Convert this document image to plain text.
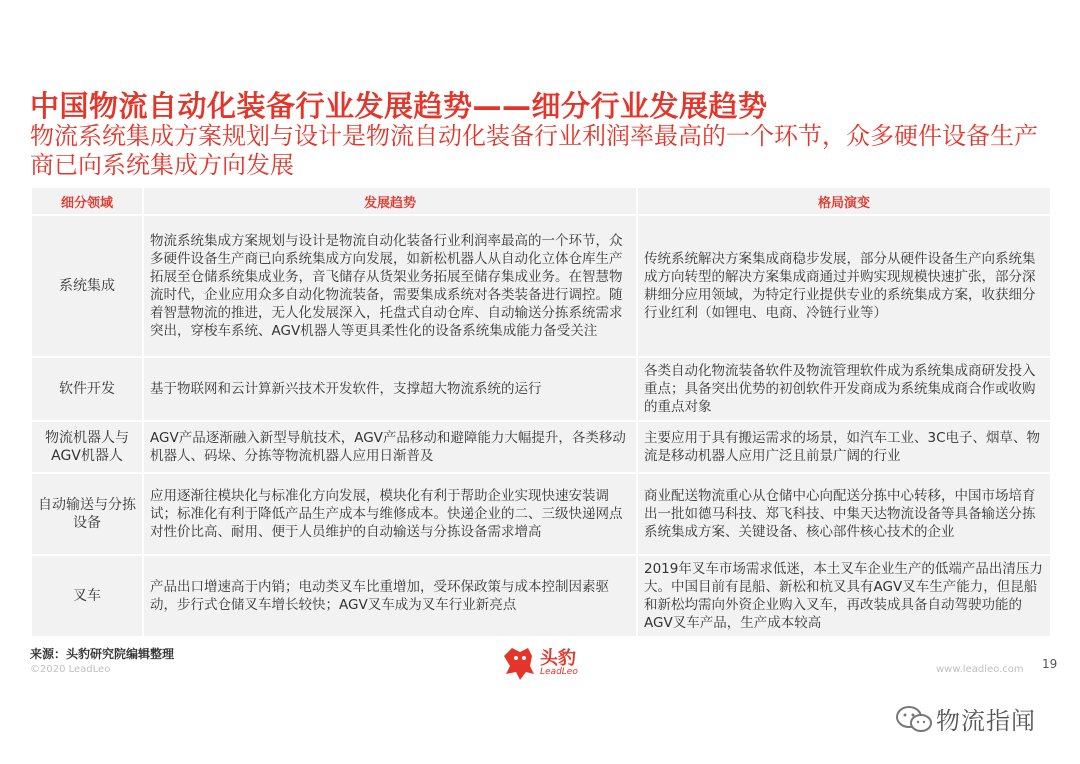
中国物流自动化装备行业发展趋势——细分行业发展趋势
物流系统集成方案规划与设计是物流自动化装备行业利润率最高的一个环节，众多硬件设备生产商已向系统集成方向发展
细分领域	发展趋势	格局演变
系统集成	物流系统集成方案规划与设计是物流自动化装备行业利润率最高的一个环节，众多硬件设备生产商已向系统集成方向发展，如新松机器人从自动化立体仓库生产拓展至仓储系统集成业务，音飞储存从货架业务拓展至储存集成业务。在智慧物流时代，企业应用众多自动化物流装备，需要集成系统对各类装备进行调控。随着智慧物流的推进，无人化发展深入，托盘式自动仓库、自动输送分拣系统需求突出，穿梭车系统、AGV机器人等更具柔性化的设备系统集成能力备受关注	传统系统解决方案集成商稳步发展，部分从硬件设备生产向系统集成方向转型的解决方案集成商通过并购实现规模快速扩张，部分深耕细分应用领域，为特定行业提供专业的系统集成方案，收获细分行业红利（如锂电、电商、冷链行业等）
软件开发	基于物联网和云计算新兴技术开发软件，支撑超大物流系统的运行	各类自动化物流装备软件及物流管理软件成为系统集成商研发投入重点；具备突出优势的初创软件开发商成为系统集成商合作或收购的重点对象
物流机器人与AGV机器人	AGV产品逐渐融入新型导航技术，AGV产品移动和避障能力大幅提升，各类移动机器人、码垛、分拣等物流机器人应用日渐普及	主要应用于具有搬运需求的场景，如汽车工业、3C电子、烟草、物流是移动机器人应用广泛且前景广阔的行业
自动输送与分拣设备	应用逐渐往模块化与标准化方向发展，模块化有利于帮助企业实现快速安装调试；标准化有利于降低产品生产成本与维修成本。快递企业的二、三级快递网点对性价比高、耐用、便于人员维护的自动输送与分拣设备需求增高	商业配送物流重心从仓储中心向配送分拣中心转移，中国市场培育出一批如德马科技、郑飞科技、中集天达物流设备等具备输送分拣系统集成方案、关键设备、核心部件核心技术的企业
叉车	产品出口增速高于内销；电动类叉车比重增加，受环保政策与成本控制因素驱动，步行式仓储叉车增长较快；AGV叉车成为叉车行业新亮点	2019年叉车市场需求低迷，本土叉车企业生产的低端产品出清压力大。中国目前有昆船、新松和杭叉具有AGV叉车生产能力，但昆船和新松均需向外资企业购入叉车，再改装成具备自动驾驶功能的AGV叉车产品，生产成本较高
来源：头豹研究院编辑整理
©2020 LeadLeo
头豹
LeadLeo	www.leadleo.com 19
物流指闻
